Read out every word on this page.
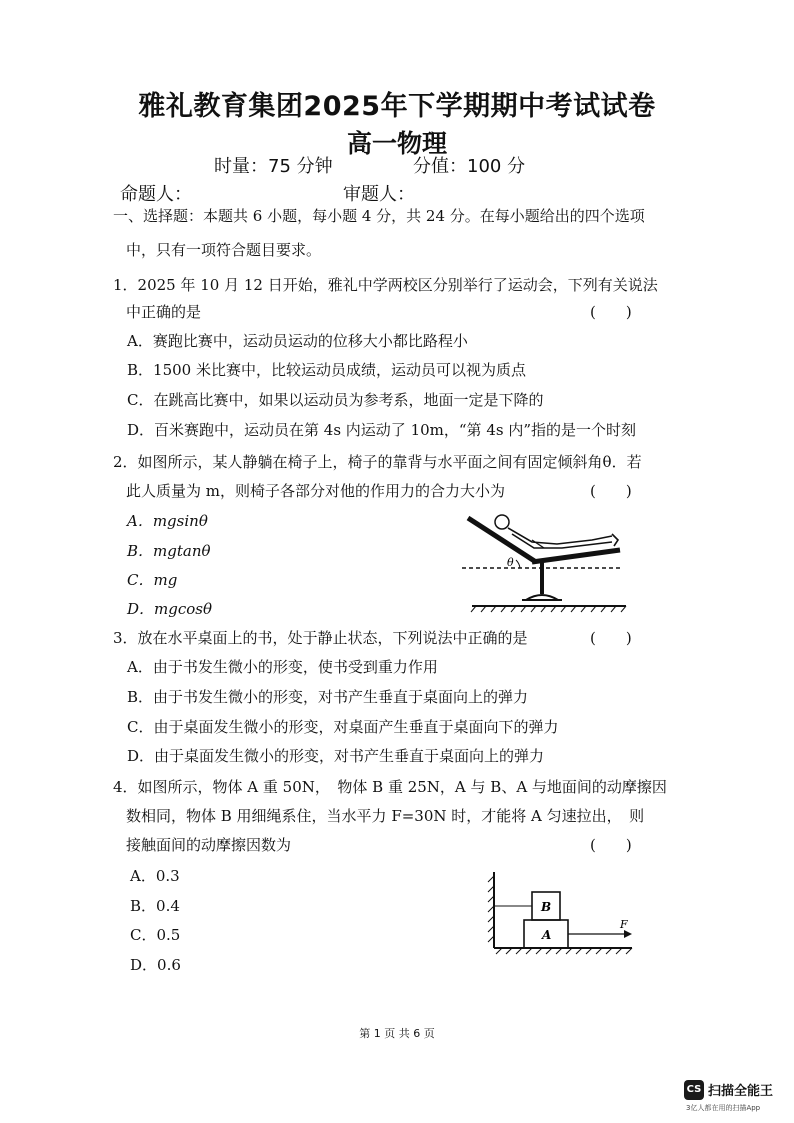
雅礼教育集团2025年下学期期中考试试卷
高一物理
时量：75 分钟	分值：100 分
命题人：	审题人：
一、选择题：本题共 6 小题，每小题 4 分，共 24 分。在每小题给出的四个选项
中，只有一项符合题目要求。
1．2025 年 10 月 12 日开始，雅礼中学两校区分别举行了运动会，下列有关说法
中正确的是	(　　)
A．赛跑比赛中，运动员运动的位移大小都比路程小
B．1500 米比赛中，比较运动员成绩，运动员可以视为质点
C．在跳高比赛中，如果以运动员为参考系，地面一定是下降的
D．百米赛跑中，运动员在第 4s 内运动了 10m，“第 4s 内”指的是一个时刻
2．如图所示，某人静躺在椅子上，椅子的靠背与水平面之间有固定倾斜角θ．若
此人质量为 m，则椅子各部分对他的作用力的合力大小为	(　　)
A．mgsinθ
B．mgtanθ
C．mg
D．mgcosθ
θ
3．放在水平桌面上的书，处于静止状态，下列说法中正确的是	(　　)
A．由于书发生微小的形变，使书受到重力作用
B．由于书发生微小的形变，对书产生垂直于桌面向上的弹力
C．由于桌面发生微小的形变，对桌面产生垂直于桌面向下的弹力
D．由于桌面发生微小的形变，对书产生垂直于桌面向上的弹力
4．如图所示，物体 A 重 50N，　物体 B 重 25N，A 与 B、A 与地面间的动摩擦因
数相同，物体 B 用细绳系住，当水平力 F=30N 时，才能将 A 匀速拉出，　则
接触面间的动摩擦因数为	(　　)
A．0.3
B．0.4
C．0.5
D．0.6
A
B
F
第 1 页 共 6 页
CS 扫描全能王
3亿人都在用的扫描App
